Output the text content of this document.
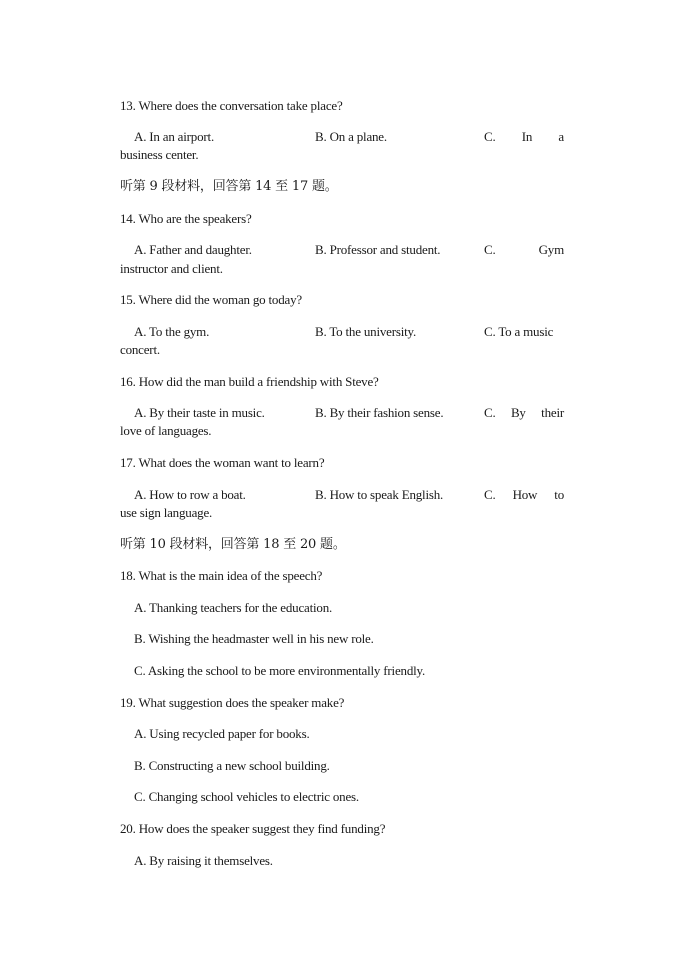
13. Where does the conversation take place?
A. In an airport.	B. On a plane.	C. In a
business center.
听第 9 段材料，回答第 14 至 17 题。
14. Who are the speakers?
A. Father and daughter.	B. Professor and student.	C.	Gym
instructor and client.
15. Where did the woman go today?
A. To the gym.	B. To the university.	C. To a music
concert.
16. How did the man build a friendship with Steve?
A. By their taste in music.	B. By their fashion sense.	C. By their
love of languages.
17. What does the woman want to learn?
A. How to row a boat.	B. How to speak English.	C. How to
use sign language.
听第 10 段材料，回答第 18 至 20 题。
18. What is the main idea of the speech?
A. Thanking teachers for the education.
B. Wishing the headmaster well in his new role.
C. Asking the school to be more environmentally friendly.
19. What suggestion does the speaker make?
A. Using recycled paper for books.
B. Constructing a new school building.
C. Changing school vehicles to electric ones.
20. How does the speaker suggest they find funding?
A. By raising it themselves.
